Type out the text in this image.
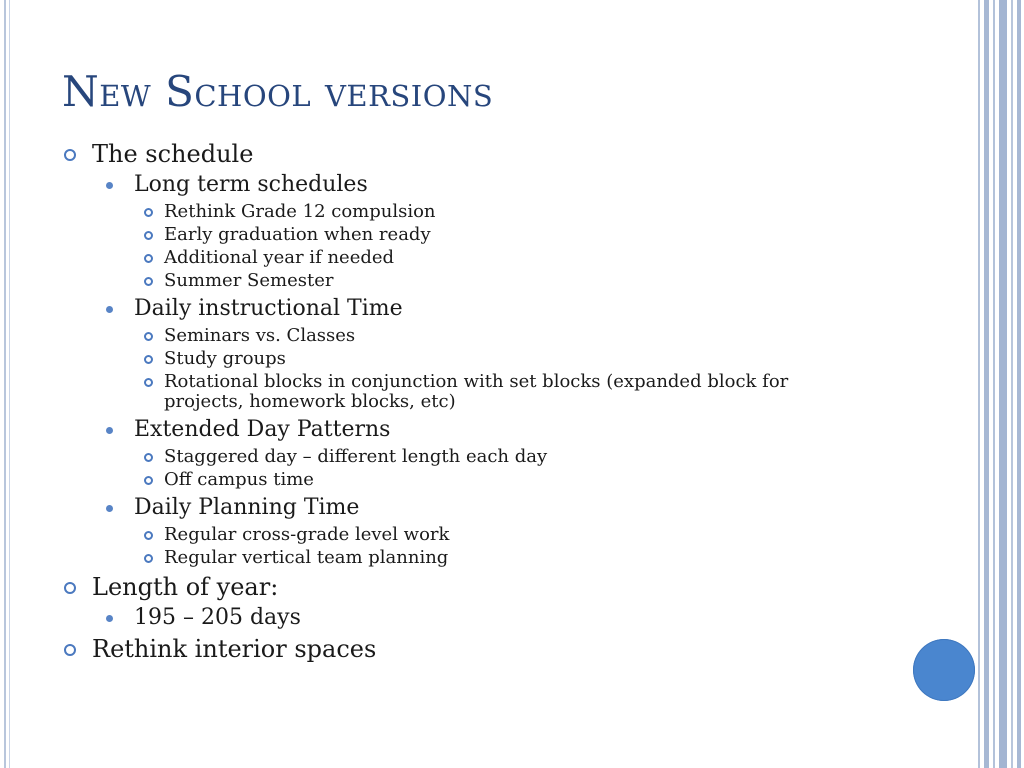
New School versions
The schedule
Long term schedules
Rethink Grade 12 compulsion
Early graduation when ready
Additional year if needed
Summer Semester
Daily instructional Time
Seminars vs. Classes
Study groups
Rotational blocks in conjunction with set blocks (expanded block for projects, homework blocks, etc)
Extended Day Patterns
Staggered day – different length each day
Off campus time
Daily Planning Time
Regular cross-grade level work
Regular vertical team planning
Length of year:
195 – 205 days
Rethink interior spaces
